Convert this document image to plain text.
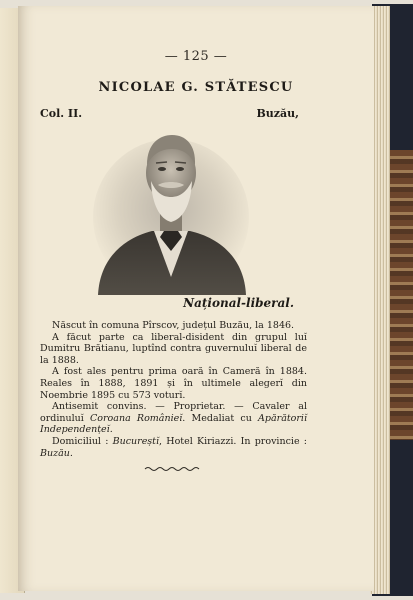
— 125 —
NICOLAE G. STĂTESCU
Col. II.	Buzău,
Național-liberal.

Născut în comuna Pîrscov, județul Buzău, la 1846.

A făcut parte ca liberal-disident din grupul luĭ Dumitru Brătianu, luptînd contra guvernuluĭ liberal de la 1888.

A fost ales pentru prima oară în Cameră în 1884. Reales în 1888, 1891 și în ultimele alegerĭ din Noembrie 1895 cu 573 voturĭ.

Antisemit convins. — Proprietar. — Cavaler al ordinuluĭ Coroana Românieĭ. Medaliat cu Apărătoriĭ Independențeĭ.

Domiciliul : Bucureștĭ, Hotel Kiriazzi. In provincie : Buzău.
